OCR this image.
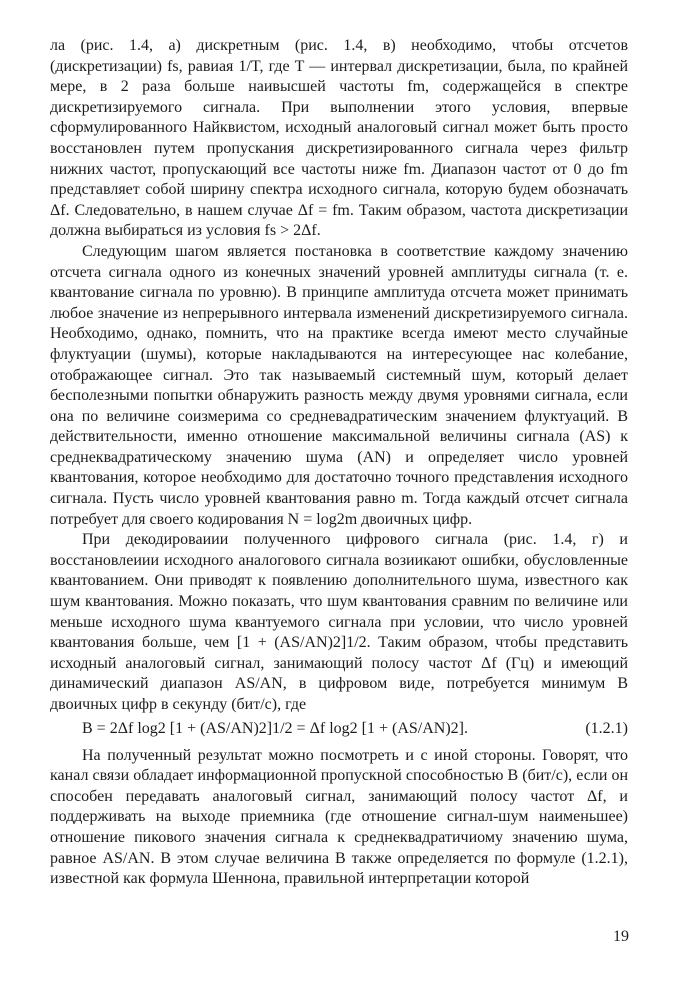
ла (рис. 1.4, а) дискретным (рис. 1.4, в) необходимо, чтобы отсчетов (дискретизации) fs, равиая 1/T, где T — интервал дискретизации, была, по крайней мере, в 2 раза больше наивысшей частоты fm, содержащейся в спектре дискретизируемого сигнала. При выполнении этого условия, впервые сформулированного Найквистом, исходный аналоговый сигнал может быть просто восстановлен путем пропускания дискретизированного сигнала через фильтр нижних частот, пропускающий все частоты ниже fm. Диапазон частот от 0 до fm представляет собой ширину спектра исходного сигнала, которую будем обозначать Δf. Следовательно, в нашем случае Δf = fm. Таким образом, частота дискретизации должна выбираться из условия fs > 2Δf.

Следующим шагом является постановка в соответствие каждому значению отсчета сигнала одного из конечных значений уровней амплитуды сигнала (т. е. квантование сигнала по уровню). В принципе амплитуда отсчета может принимать любое значение из непрерывного интервала изменений дискретизируемого сигнала. Необходимо, однако, помнить, что на практике всегда имеют место случайные флуктуации (шумы), которые накладываются на интересующее нас колебание, отображающее сигнал. Это так называемый системный шум, который делает бесполезными попытки обнаружить разность между двумя уровнями сигнала, если она по величине соизмерима со средневадратическим значением флуктуаций. В действительности, именно отношение максимальной величины сигнала (AS) к среднеквадратическому значению шума (AN) и определяет число уровней квантования, которое необходимо для достаточно точного представления исходного сигнала. Пусть число уровней квантования равно m. Тогда каждый отсчет сигнала потребует для своего кодирования N = log2m двоичных цифр.

При декодироваиии полученного цифрового сигнала (рис. 1.4, г) и восстановлеиии исходного аналогового сигнала возиикают ошибки, обусловленные квантованием. Они приводят к появлению дополнительного шума, известного как шум квантования. Можно показать, что шум квантования сравним по величине или меньше исходного шума квантуемого сигнала при условии, что число уровней квантования больше, чем [1 + (AS/AN)2]1/2. Таким образом, чтобы представить исходный аналоговый сигнал, занимающий полосу частот Δf (Гц) и имеющий динамический диапазон AS/AN, в цифровом виде, потребуется минимум B двоичных цифр в секунду (бит/с), где

B = 2Δf log2 [1 + (AS/AN)2]1/2 = Δf log2 [1 + (AS/AN)2].	(1.2.1)

На полученный результат можно посмотреть и с иной стороны. Говорят, что канал связи обладает информационной пропускной способностью B (бит/с), если он способен передавать аналоговый сигнал, занимающий полосу частот Δf, и поддерживать на выходе приемника (где отношение сигнал-шум наименьшее) отношение пикового значения сигнала к среднеквадратичиому значению шума, равное AS/AN. В этом случае величина B также определяется по формуле (1.2.1), известной как формула Шеннона, правильной интерпретации которой

19
